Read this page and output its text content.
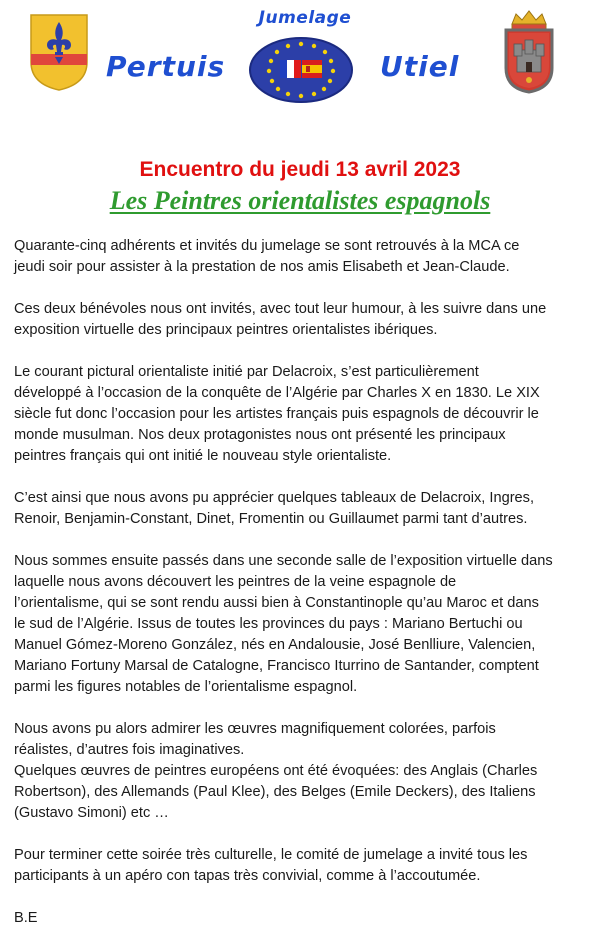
Jumelage
Pertuis	Utiel
Encuentro du jeudi 13 avril 2023
Les Peintres orientalistes espagnols

Quarante-cinq adhérents et invités du jumelage se sont retrouvés à la MCA ce
jeudi soir pour assister à la prestation de nos amis Elisabeth et Jean-Claude.

Ces deux bénévoles nous ont invités, avec tout leur humour, à les suivre dans une
exposition virtuelle des principaux peintres orientalistes ibériques.

Le courant pictural orientaliste initié par Delacroix, s’est particulièrement
développé à l’occasion de la conquête de l’Algérie par Charles X en 1830. Le XIX
siècle fut donc l’occasion pour les artistes français puis espagnols de découvrir le
monde musulman. Nos deux protagonistes nous ont présenté les principaux
peintres français qui ont initié le nouveau style orientaliste.

C’est ainsi que nous avons pu apprécier quelques tableaux de Delacroix, Ingres,
Renoir, Benjamin-Constant, Dinet, Fromentin ou Guillaumet parmi tant d’autres.

Nous sommes ensuite passés dans une seconde salle de l’exposition virtuelle dans
laquelle nous avons découvert les peintres de la veine espagnole de
l’orientalisme, qui se sont rendu aussi bien à Constantinople qu’au Maroc et dans
le sud de l’Algérie. Issus de toutes les provinces du pays : Mariano Bertuchi ou
Manuel Gómez-Moreno González, nés en Andalousie, José Benlliure, Valencien,
Mariano Fortuny Marsal de Catalogne, Francisco Iturrino de Santander, comptent
parmi les figures notables de l’orientalisme espagnol.

Nous avons pu alors admirer les œuvres magnifiquement colorées, parfois
réalistes, d’autres fois imaginatives.
Quelques œuvres de peintres européens ont été évoquées: des Anglais (Charles
Robertson), des Allemands (Paul Klee), des Belges (Emile Deckers), des Italiens
(Gustavo Simoni) etc …

Pour terminer cette soirée très culturelle, le comité de jumelage a invité tous les
participants à un apéro con tapas très convivial, comme à l’accoutumée.

B.E
